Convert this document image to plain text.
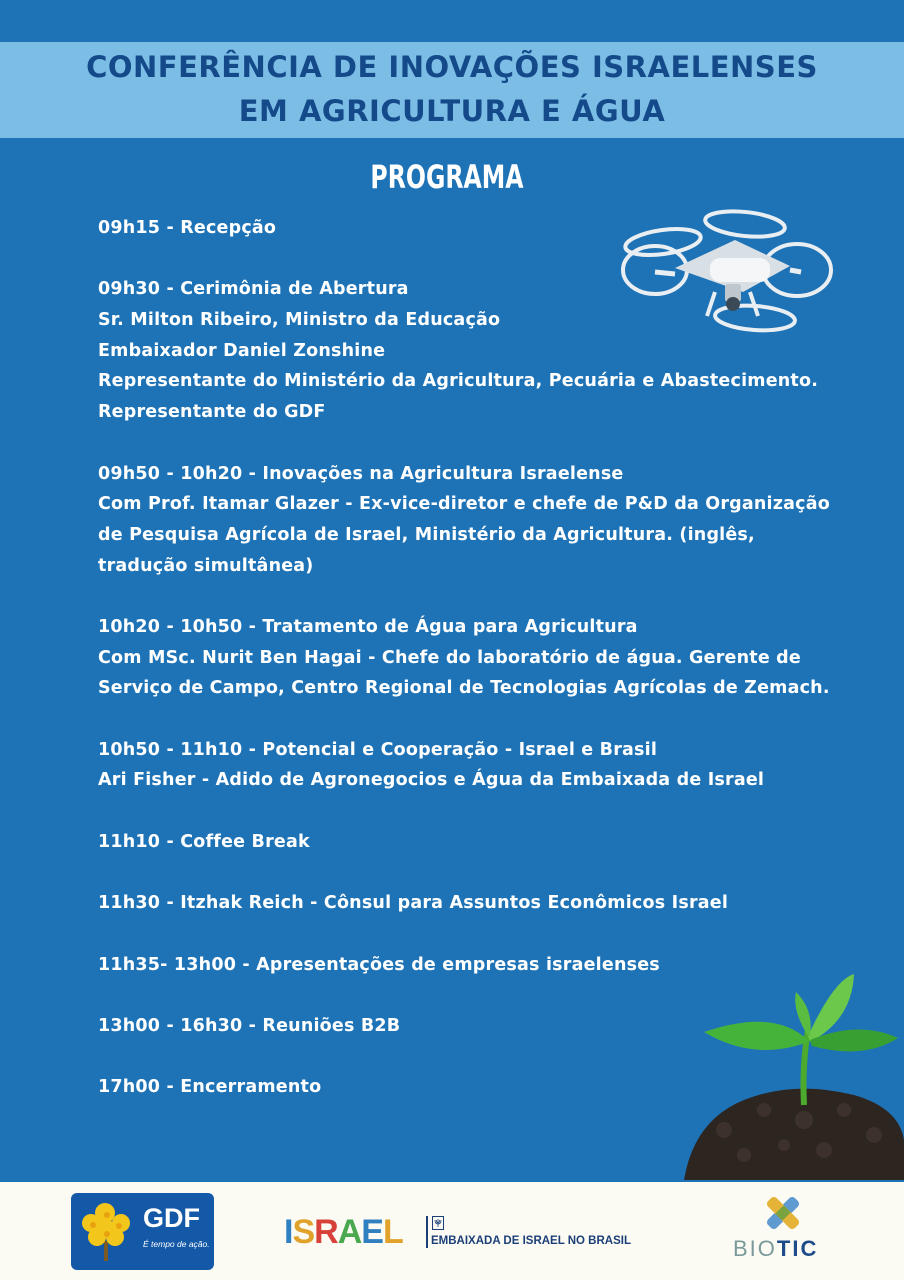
CONFERÊNCIA DE INOVAÇÕES ISRAELENSES
EM AGRICULTURA E ÁGUA
PROGRAMA
09h15 - Recepção
09h30 - Cerimônia de Abertura
Sr. Milton Ribeiro, Ministro da Educação
Embaixador Daniel Zonshine
Representante do Ministério da Agricultura, Pecuária e Abastecimento.
Representante do GDF
09h50 - 10h20 - Inovações na Agricultura Israelense
Com Prof. Itamar Glazer - Ex-vice-diretor e chefe de P&D da Organização
de Pesquisa Agrícola de Israel, Ministério da Agricultura. (inglês,
tradução simultânea)
10h20 - 10h50 - Tratamento de Água para Agricultura
Com MSc. Nurit Ben Hagai - Chefe do laboratório de água. Gerente de
Serviço de Campo, Centro Regional de Tecnologias Agrícolas de Zemach.
10h50 - 11h10 - Potencial e Cooperação - Israel e Brasil
Ari Fisher - Adido de Agronegocios e Água da Embaixada de Israel
11h10 - Coffee Break
11h30 - Itzhak Reich - Cônsul para Assuntos Econômicos Israel
11h35- 13h00 - Apresentações de empresas israelenses
13h00 - 16h30 - Reuniões B2B
17h00 - Encerramento
GDF
É tempo de ação. ISRAEL EMBAIXADA DE ISRAEL NO BRASIL	BIOTIC
